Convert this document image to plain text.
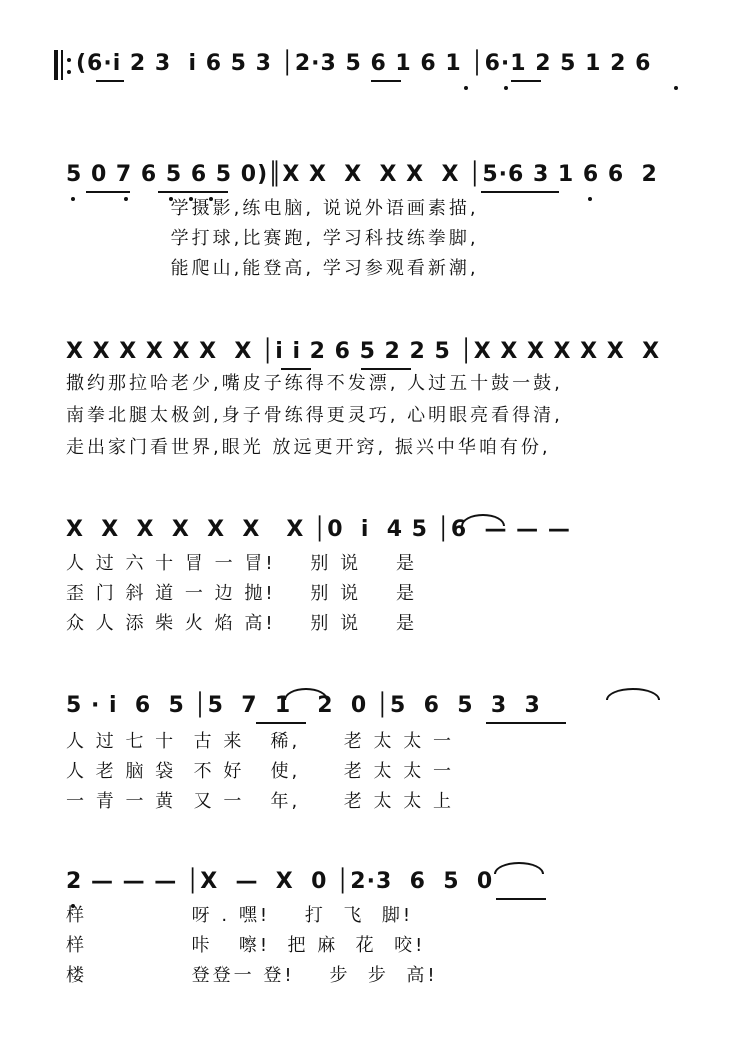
(6·i 2 3  i 6 5 3 │2·3 5 6 1 6 1 │6·1 2 5 1 2 6
5 0 7 6 5 6 5 0)║X X  X  X X  X │5·6 3 1 6 6  2
学摄影,练电脑, 说说外语画素描,
学打球,比赛跑, 学习科技练拳脚,
能爬山,能登高, 学习参观看新潮,
X X X X X X  X │i i 2 6 5 2 2 5 │X X X X X X  X
撒约那拉哈老少,嘴皮子练得不发漂, 人过五十鼓一鼓,
南拳北腿太极剑,身子骨练得更灵巧, 心明眼亮看得清,
走出家门看世界,眼光 放远更开窍, 振兴中华咱有份,
X  X  X  X  X  X   X │0  i  4 5 │6  — — —
人 过 六 十 冒 一 冒!    别 说    是
歪 门 斜 道 一 边 抛!    别 说    是
众 人 添 柴 火 焰 高!    别 说    是
5 · i  6  5 │5  7  1   2  0 │5  6  5  3  3
人 过 七 十  古 来   稀,     老 太 太 一
人 老 脑 袋  不 好   使,     老 太 太 一
一 青 一 黄  又 一   年,     老 太 太 上
2 — — — │X  —  X  0 │2·3  6  5  0
样            呀 . 嘿!    打  飞  脚!
样            咔   嚓!  把 麻  花  咬!
楼            登登一 登!    步  步  高!
